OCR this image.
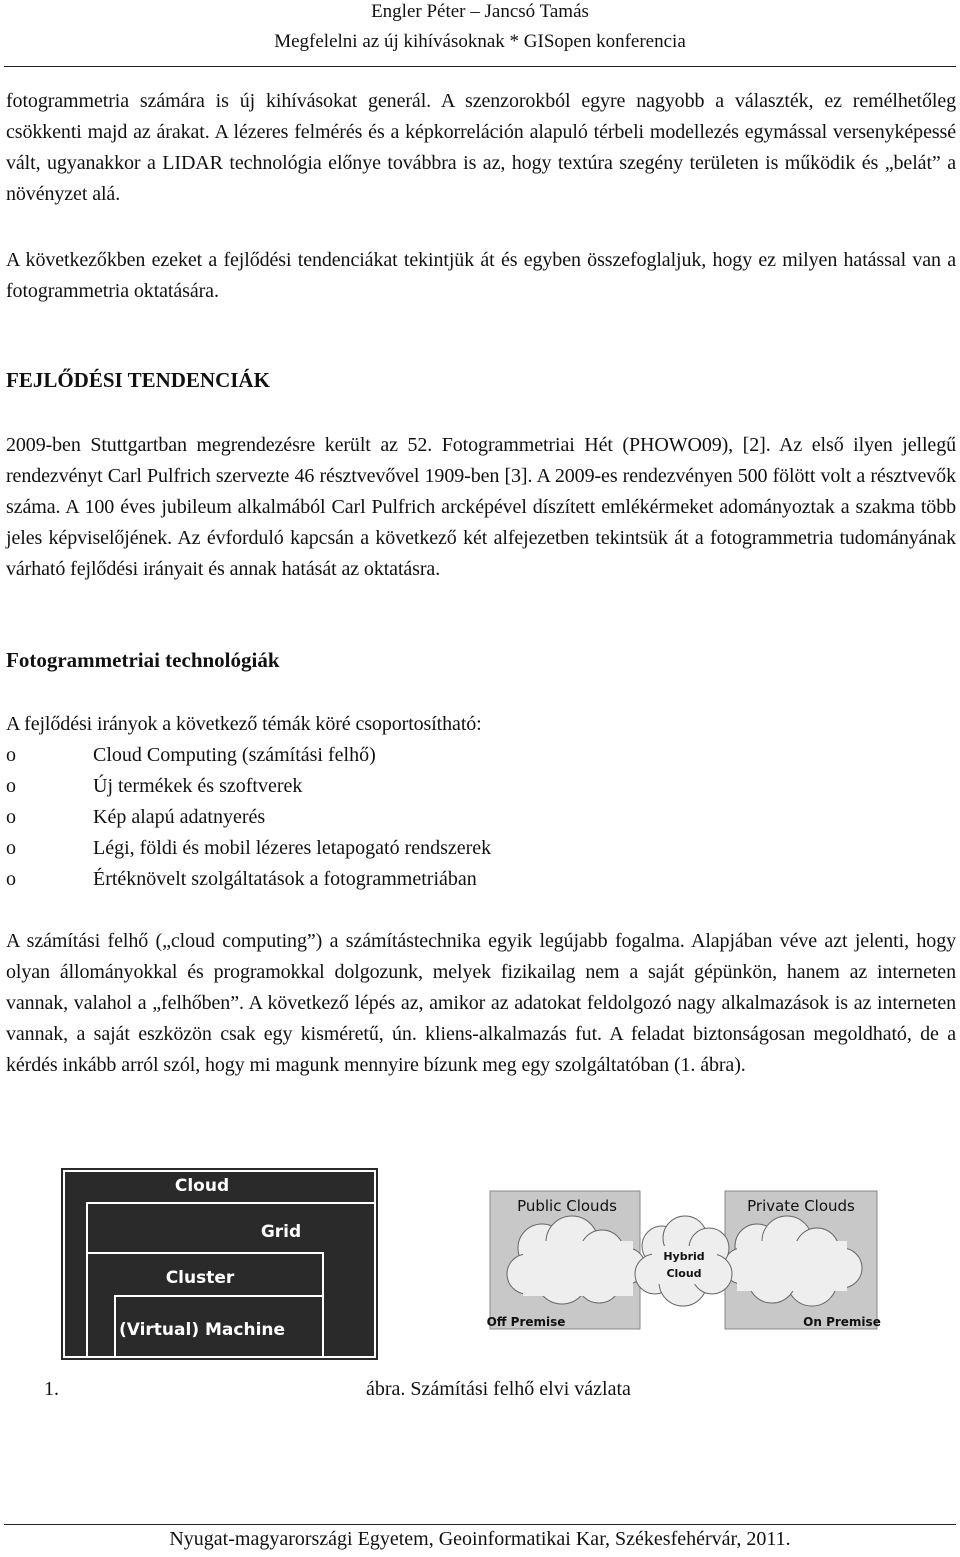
Engler Péter – Jancsó Tamás
Megfelelni az új kihívásoknak * GISopen konferencia

fotogrammetria számára is új kihívásokat generál. A szenzorokból egyre nagyobb a választék, ez remélhetőleg csökkenti majd az árakat. A lézeres felmérés és a képkorreláción alapuló térbeli modellezés egymással versenyképessé vált, ugyanakkor a LIDAR technológia előnye továbbra is az, hogy textúra szegény területen is működik és „belát” a növényzet alá.

A következőkben ezeket a fejlődési tendenciákat tekintjük át és egyben összefoglaljuk, hogy ez milyen hatással van a fotogrammetria oktatására.

FEJLŐDÉSI TENDENCIÁK

2009-ben Stuttgartban megrendezésre került az 52. Fotogrammetriai Hét (PHOWO09), [2]. Az első ilyen jellegű rendezvényt Carl Pulfrich szervezte 46 résztvevővel 1909-ben [3]. A 2009-es rendezvényen 500 fölött volt a résztvevők száma. A 100 éves jubileum alkalmából Carl Pulfrich arcképével díszített emlékérmeket adományoztak a szakma több jeles képviselőjének. Az évforduló kapcsán a következő két alfejezetben tekintsük át a fotogrammetria tudományának várható fejlődési irányait és annak hatását az oktatásra.

Fotogrammetriai technológiák

A fejlődési irányok a következő témák köré csoportosítható:

o	Cloud Computing (számítási felhő)
o	Új termékek és szoftverek
o	Kép alapú adatnyerés
o	Légi, földi és mobil lézeres letapogató rendszerek
o	Értéknövelt szolgáltatások a fotogrammetriában

A számítási felhő („cloud computing”) a számítástechnika egyik legújabb fogalma. Alapjában véve azt jelenti, hogy olyan állományokkal és programokkal dolgozunk, melyek fizikailag nem a saját gépünkön, hanem az interneten vannak, valahol a „felhőben”. A következő lépés az, amikor az adatokat feldolgozó nagy alkalmazások is az interneten vannak, a saját eszközön csak egy kisméretű, ún. kliens-alkalmazás fut. A feladat biztonságosan megoldható, de a kérdés inkább arról szól, hogy mi magunk mennyire bízunk meg egy szolgáltatóban (1. ábra).

Cloud
Grid
Cluster
(Virtual) Machine
Public Clouds	Private Clouds
Hybrid
Cloud
Off Premise	On Premise
1.	ábra. Számítási felhő elvi vázlata
Nyugat-magyarországi Egyetem, Geoinformatikai Kar, Székesfehérvár, 2011.
